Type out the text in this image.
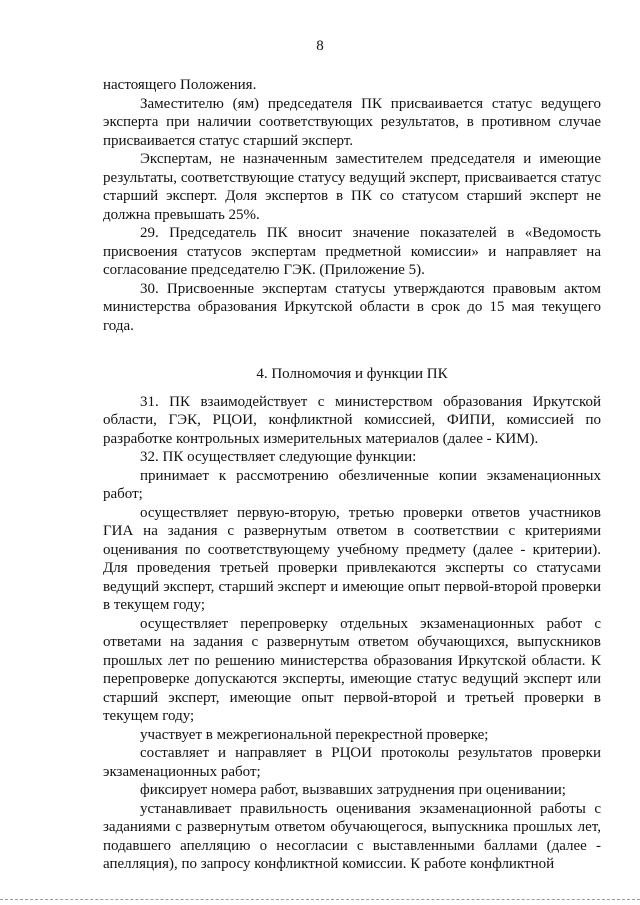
8

настоящего Положения.

Заместителю (ям) председателя ПК присваивается статус ведущего эксперта при наличии соответствующих результатов, в противном случае присваивается статус старший эксперт.

Экспертам, не назначенным заместителем председателя и имеющие результаты, соответствующие статусу ведущий эксперт, присваивается статус старший эксперт. Доля экспертов в ПК со статусом старший эксперт не должна превышать 25%.

29. Председатель ПК вносит значение показателей в «Ведомость присвоения статусов экспертам предметной комиссии» и направляет на согласование председателю ГЭК. (Приложение 5).

30. Присвоенные экспертам статусы утверждаются правовым актом министерства образования Иркутской области в срок до 15 мая текущего года.

4. Полномочия и функции ПК

31. ПК взаимодействует с министерством образования Иркутской области, ГЭК, РЦОИ, конфликтной комиссией, ФИПИ, комиссией по разработке контрольных измерительных материалов (далее - КИМ).

32. ПК осуществляет следующие функции:

принимает к рассмотрению обезличенные копии экзаменационных работ;

осуществляет первую-вторую, третью проверки ответов участников ГИА на задания с развернутым ответом в соответствии с критериями оценивания по соответствующему учебному предмету (далее - критерии). Для проведения третьей проверки привлекаются эксперты со статусами ведущий эксперт, старший эксперт и имеющие опыт первой-второй проверки в текущем году;

осуществляет перепроверку отдельных экзаменационных работ с ответами на задания с развернутым ответом обучающихся, выпускников прошлых лет по решению министерства образования Иркутской области. К перепроверке допускаются эксперты, имеющие статус ведущий эксперт или старший эксперт, имеющие опыт первой-второй и третьей проверки в текущем году;

участвует в межрегиональной перекрестной проверке;

составляет и направляет в РЦОИ протоколы результатов проверки экзаменационных работ;

фиксирует номера работ, вызвавших затруднения при оценивании;

устанавливает правильность оценивания экзаменационной работы с заданиями с развернутым ответом обучающегося, выпускника прошлых лет, подавшего апелляцию о несогласии с выставленными баллами (далее - апелляция), по запросу конфликтной комиссии. К работе конфликтной
